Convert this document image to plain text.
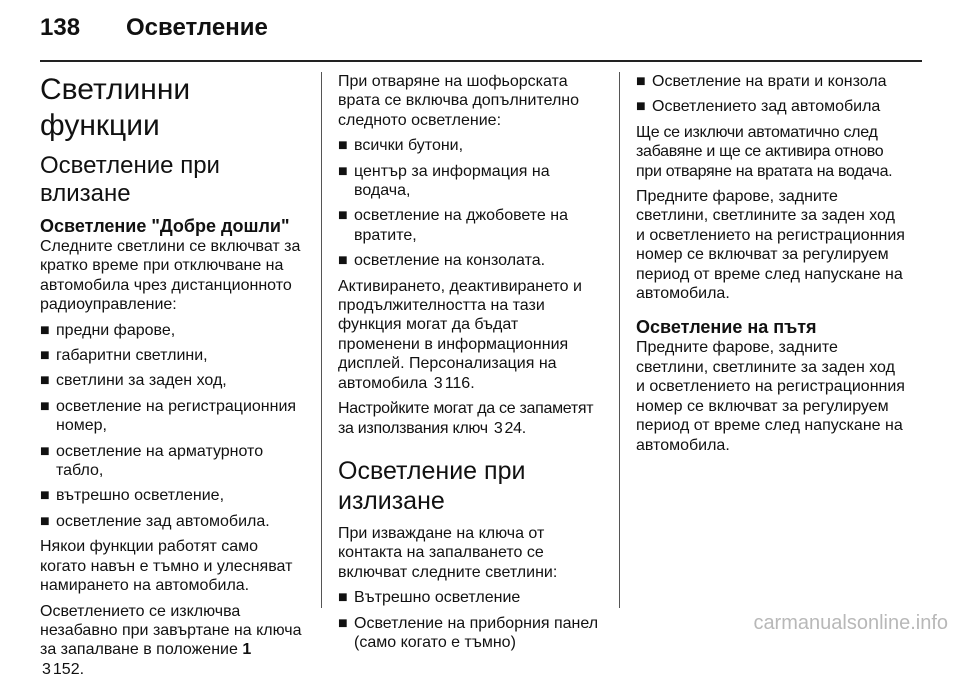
138 Осветление
Светлинни функции
Осветление при влизане
Осветление "Добре дошли"

Следните светлини се включват за кратко време при отключване на автомобила чрез дистанционното радиоуправление:

■ предни фарове,
■ габаритни светлини,
■ светлини за заден ход,
■ осветление на регистрационния номер,
■ осветление на арматурното табло,
■ вътрешно осветление,
■ осветление зад автомобила.

Някои функции работят само когато навън е тъмно и улесняват намирането на автомобила.

Осветлението се изключва незабавно при завъртане на ключа за запалване в положение 1
3 152.

При отваряне на шофьорската врата се включва допълнително следното осветление:

■ всички бутони,
■ център за информация на водача,
■ осветление на джобовете на вратите,
■ осветление на конзолата.

Активирането, деактивирането и продължителността на тази функция могат да бъдат променени в информационния дисплей. Персонализация на автомобила 3 116.

Настройките могат да се запаметят за използвания ключ 3 24.

Осветление при излизане

При изваждане на ключа от контакта на запалването се включват следните светлини:

■ Вътрешно осветление
■ Осветление на приборния панел (само когато е тъмно)
■ Осветление на врати и конзола
■ Осветлението зад автомобила

Ще се изключи автоматично след забавяне и ще се активира отново при отваряне на вратата на водача.

Предните фарове, задните светлини, светлините за заден ход и осветлението на регистрационния номер се включват за регулируем период от време след напускане на автомобила.

Осветление на пътя

Предните фарове, задните светлини, светлините за заден ход и осветлението на регистрационния номер се включват за регулируем период от време след напускане на автомобила.

carmanualsonline.info
